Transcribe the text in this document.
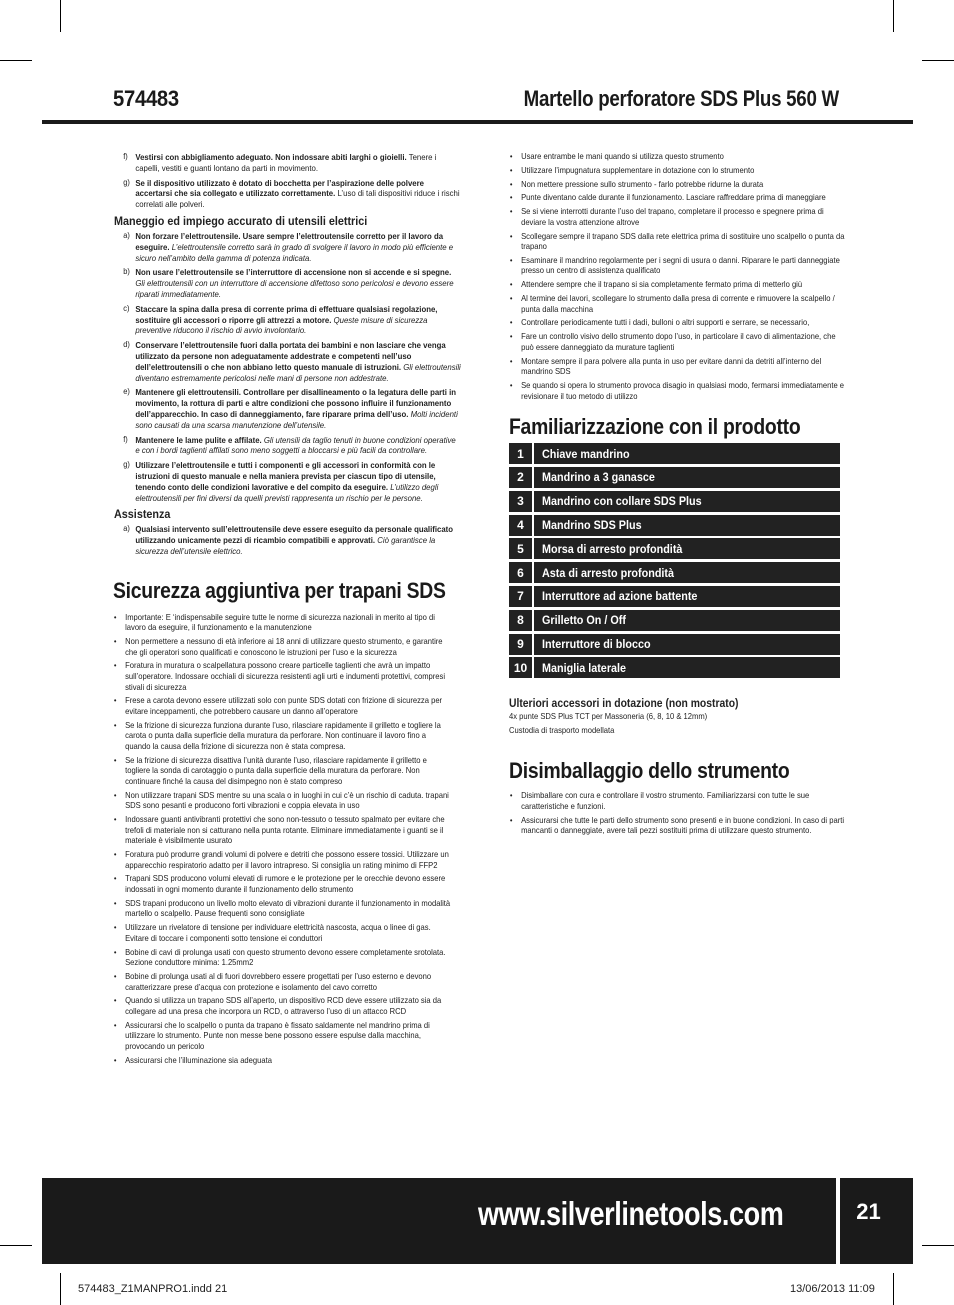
574483	Martello perforatore SDS Plus 560 W
f) Vestirsi con abbigliamento adeguato. Non indossare abiti larghi o gioielli. Tenere i capelli, vestiti e guanti lontano da parti in movimento.
g) Se il dispositivo utilizzato è dotato di bocchetta per l’aspirazione delle polvere accertarsi che sia collegato e utilizzato correttamente. L’uso di tali dispositivi riduce i rischi correlati alle polveri.
Maneggio ed impiego accurato di utensili elettrici
a) Non forzare l’elettroutensile. Usare sempre l’elettroutensile corretto per il lavoro da eseguire. L’elettroutensile corretto sarà in grado di svolgere il lavoro in modo più efficiente e sicuro nell’ambito della gamma di potenza indicata.
b) Non usare l’elettroutensile se l’interruttore di accensione non si accende e si spegne. Gli elettroutensili con un interruttore di accensione difettoso sono pericolosi e devono essere riparati immediatamente.
c) Staccare la spina dalla presa di corrente prima di effettuare qualsiasi regolazione, sostituire gli accessori o riporre gli attrezzi a motore. Queste misure di sicurezza preventive riducono il rischio di avvio involontario.
d) Conservare l’elettroutensile fuori dalla portata dei bambini e non lasciare che venga utilizzato da persone non adeguatamente addestrate e competenti nell’uso dell’elettroutensili o che non abbiano letto questo manuale di istruzioni. Gli elettroutensili diventano estremamente pericolosi nelle mani di persone non addestrate.
e) Mantenere gli elettroutensili. Controllare per disallineamento o la legatura delle parti in movimento, la rottura di parti e altre condizioni che possono influire il funzionamento dell’apparecchio. In caso di danneggiamento, fare riparare prima dell’uso. Molti incidenti sono causati da una scarsa manutenzione dell’utensile.
f) Mantenere le lame pulite e affilate. Gli utensili da taglio tenuti in buone condizioni operative e con i bordi taglienti affilati sono meno soggetti a bloccarsi e più facili da controllare.
g) Utilizzare l’elettroutensile e tutti i componenti e gli accessori in conformità con le istruzioni di questo manuale e nella maniera prevista per ciascun tipo di utensile, tenendo conto delle condizioni lavorative e del compito da eseguire. L’utilizzo degli elettroutensili per fini diversi da quelli previsti rappresenta un rischio per le persone.
Assistenza
a) Qualsiasi intervento sull’elettroutensile deve essere eseguito da personale qualificato utilizzando unicamente pezzi di ricambio compatibili e approvati. Ciò garantisce la sicurezza dell’utensile elettrico.
Sicurezza aggiuntiva per trapani SDS
• Importante: E ‘indispensabile seguire tutte le norme di sicurezza nazionali in merito al tipo di lavoro da eseguire, il funzionamento e la manutenzione
• Non permettere a nessuno di età inferiore ai 18 anni di utilizzare questo strumento, e garantire che gli operatori sono qualificati e conoscono le istruzioni per l’uso e la sicurezza
• Foratura in muratura o scalpellatura possono creare particelle taglienti che avrà un impatto sull’operatore. Indossare occhiali di sicurezza resistenti agli urti e indumenti protettivi, compresi stivali di sicurezza
• Frese a carota devono essere utilizzati solo con punte SDS dotati con frizione di sicurezza per evitare inceppamenti, che potrebbero causare un danno all’operatore
• Se la frizione di sicurezza funziona durante l’uso, rilasciare rapidamente il grilletto e togliere la carota o punta dalla superficie della muratura da perforare. Non continuare il lavoro fino a quando la causa della frizione di sicurezza non è stata compresa.
• Se la frizione di sicurezza disattiva l’unità durante l’uso, rilasciare rapidamente il grilletto e togliere la sonda di carotaggio o punta dalla superficie della muratura da perforare. Non continuare finché la causa del disimpegno non è stato compreso
• Non utilizzare trapani SDS mentre su una scala o in luoghi in cui c’è un rischio di caduta. trapani SDS sono pesanti e producono forti vibrazioni e coppia elevata in uso
• Indossare guanti antivibranti protettivi che sono non-tessuto o tessuto spalmato per evitare che trefoli di materiale non si catturano nella punta rotante. Eliminare immediatamente i guanti se il materiale è visibilmente usurato
• Foratura può produrre grandi volumi di polvere e detriti che possono essere tossici. Utilizzare un apparecchio respiratorio adatto per il lavoro intrapreso. Si consiglia un rating minimo di FFP2
• Trapani SDS producono volumi elevati di rumore e le protezione per le orecchie devono essere indossati in ogni momento durante il funzionamento dello strumento
• SDS trapani producono un livello molto elevato di vibrazioni durante il funzionamento in modalità martello o scalpello. Pause frequenti sono consigliate
• Utilizzare un rivelatore di tensione per individuare elettricità nascosta, acqua o linee di gas. Evitare di toccare i componenti sotto tensione ei conduttori
• Bobine di cavi di prolunga usati con questo strumento devono essere completamente srotolata. Sezione conduttore minima: 1.25mm2
• Bobine di prolunga usati al di fuori dovrebbero essere progettati per l’uso esterno e devono caratterizzare prese d’acqua con protezione e isolamento del cavo corretto
• Quando si utilizza un trapano SDS all’aperto, un dispositivo RCD deve essere utilizzato sia da collegare ad una presa che incorpora un RCD, o attraverso l’uso di un attacco RCD
• Assicurarsi che lo scalpello o punta da trapano è fissato saldamente nel mandrino prima di utilizzare lo strumento. Punte non messe bene possono essere espulse dalla macchina, provocando un pericolo
• Assicurarsi che l’illuminazione sia adeguata
• Usare entrambe le mani quando si utilizza questo strumento
• Utilizzare l’impugnatura supplementare in dotazione con lo strumento
• Non mettere pressione sullo strumento - farlo potrebbe ridurne la durata
• Punte diventano calde durante il funzionamento. Lasciare raffreddare prima di maneggiare
• Se si viene interrotti durante l’uso del trapano, completare il processo e spegnere prima di deviare la vostra attenzione altrove
• Scollegare sempre il trapano SDS dalla rete elettrica prima di sostituire uno scalpello o punta da trapano
• Esaminare il mandrino regolarmente per i segni di usura o danni. Riparare le parti danneggiate presso un centro di assistenza qualificato
• Attendere sempre che il trapano si sia completamente fermato prima di metterlo giù
• Al termine dei lavori, scollegare lo strumento dalla presa di corrente e rimuovere la scalpello / punta dalla macchina
• Controllare periodicamente tutti i dadi, bulloni o altri supporti e serrare, se necessario,
• Fare un controllo visivo dello strumento dopo l’uso, in particolare il cavo di alimentazione, che può essere danneggiato da murature taglienti
• Montare sempre il para polvere alla punta in uso per evitare danni da detriti all’interno del mandrino SDS
• Se quando si opera lo strumento provoca disagio in qualsiasi modo, fermarsi immediatamente e revisionare il tuo metodo di utilizzo
Familiarizzazione con il prodotto
1	Chiave mandrino
2	Mandrino a 3 ganasce
3	Mandrino con collare SDS Plus
4	Mandrino SDS Plus
5	Morsa di arresto profondità
6	Asta di arresto profondità
7	Interruttore ad azione battente
8	Grilletto On / Off
9	Interruttore di blocco
10	Maniglia laterale
Ulteriori accessori in dotazione (non mostrato)
4x punte SDS Plus TCT per Massoneria (6, 8, 10 & 12mm)
Custodia di trasporto modellata
Disimballaggio dello strumento
• Disimballare con cura e controllare il vostro strumento. Familiarizzarsi con tutte le sue caratteristiche e funzioni.
• Assicurarsi che tutte le parti dello strumento sono presenti e in buone condizioni. In caso di parti mancanti o danneggiate, avere tali pezzi sostituiti prima di utilizzare questo strumento.
www.silverlinetools.com	21
574483_Z1MANPRO1.indd 21	13/06/2013 11:09
